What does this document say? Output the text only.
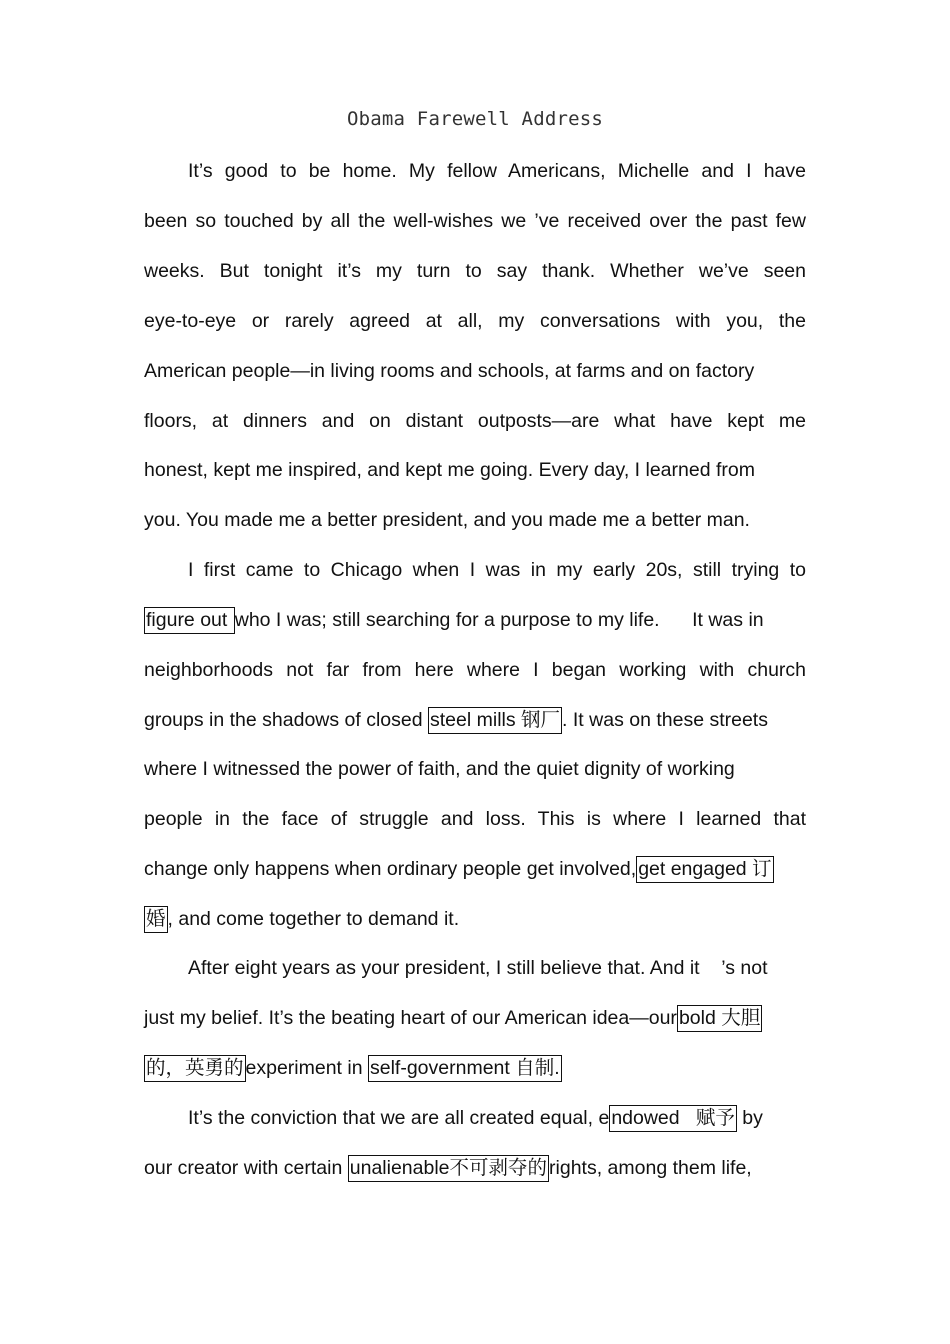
Obama Farewell Address
It’s good to be home. My fellow Americans, Michelle and I have
been so touched by all the well-wishes we ’ve received over the past few
weeks. But tonight it’s my turn to say thank. Whether we’ve seen
eye-to-eye or rarely agreed at all, my conversations with you, the
American people—in living rooms and schools, at farms and on factory
floors, at dinners and on distant outposts—are what have kept me
honest, kept me inspired, and kept me going. Every day, I learned from
you. You made me a better president, and you made me a better man.
I first came to Chicago when I was in my early 20s, still trying to
figure out who I was; still searching for a purpose to my life.      It was in
neighborhoods not far from here where I began working with church
groups in the shadows of closed steel mills 钢厂 . It was on these streets
where I witnessed the power of faith, and the quiet dignity of working
people in the face of struggle and loss. This is where I learned that
change only happens when ordinary people get involved, get engaged 订
婚 , and come together to demand it.
After eight years as your president, I still believe that. And it    ’s not
just my belief. It’s the beating heart of our American idea—our bold 大胆
的，英勇的 experiment in self-government 自制.
It’s the conviction that we are all created equal, e ndowed   赋予 by
our creator with certain unalienable不可剥夺的 rights, among them life,
